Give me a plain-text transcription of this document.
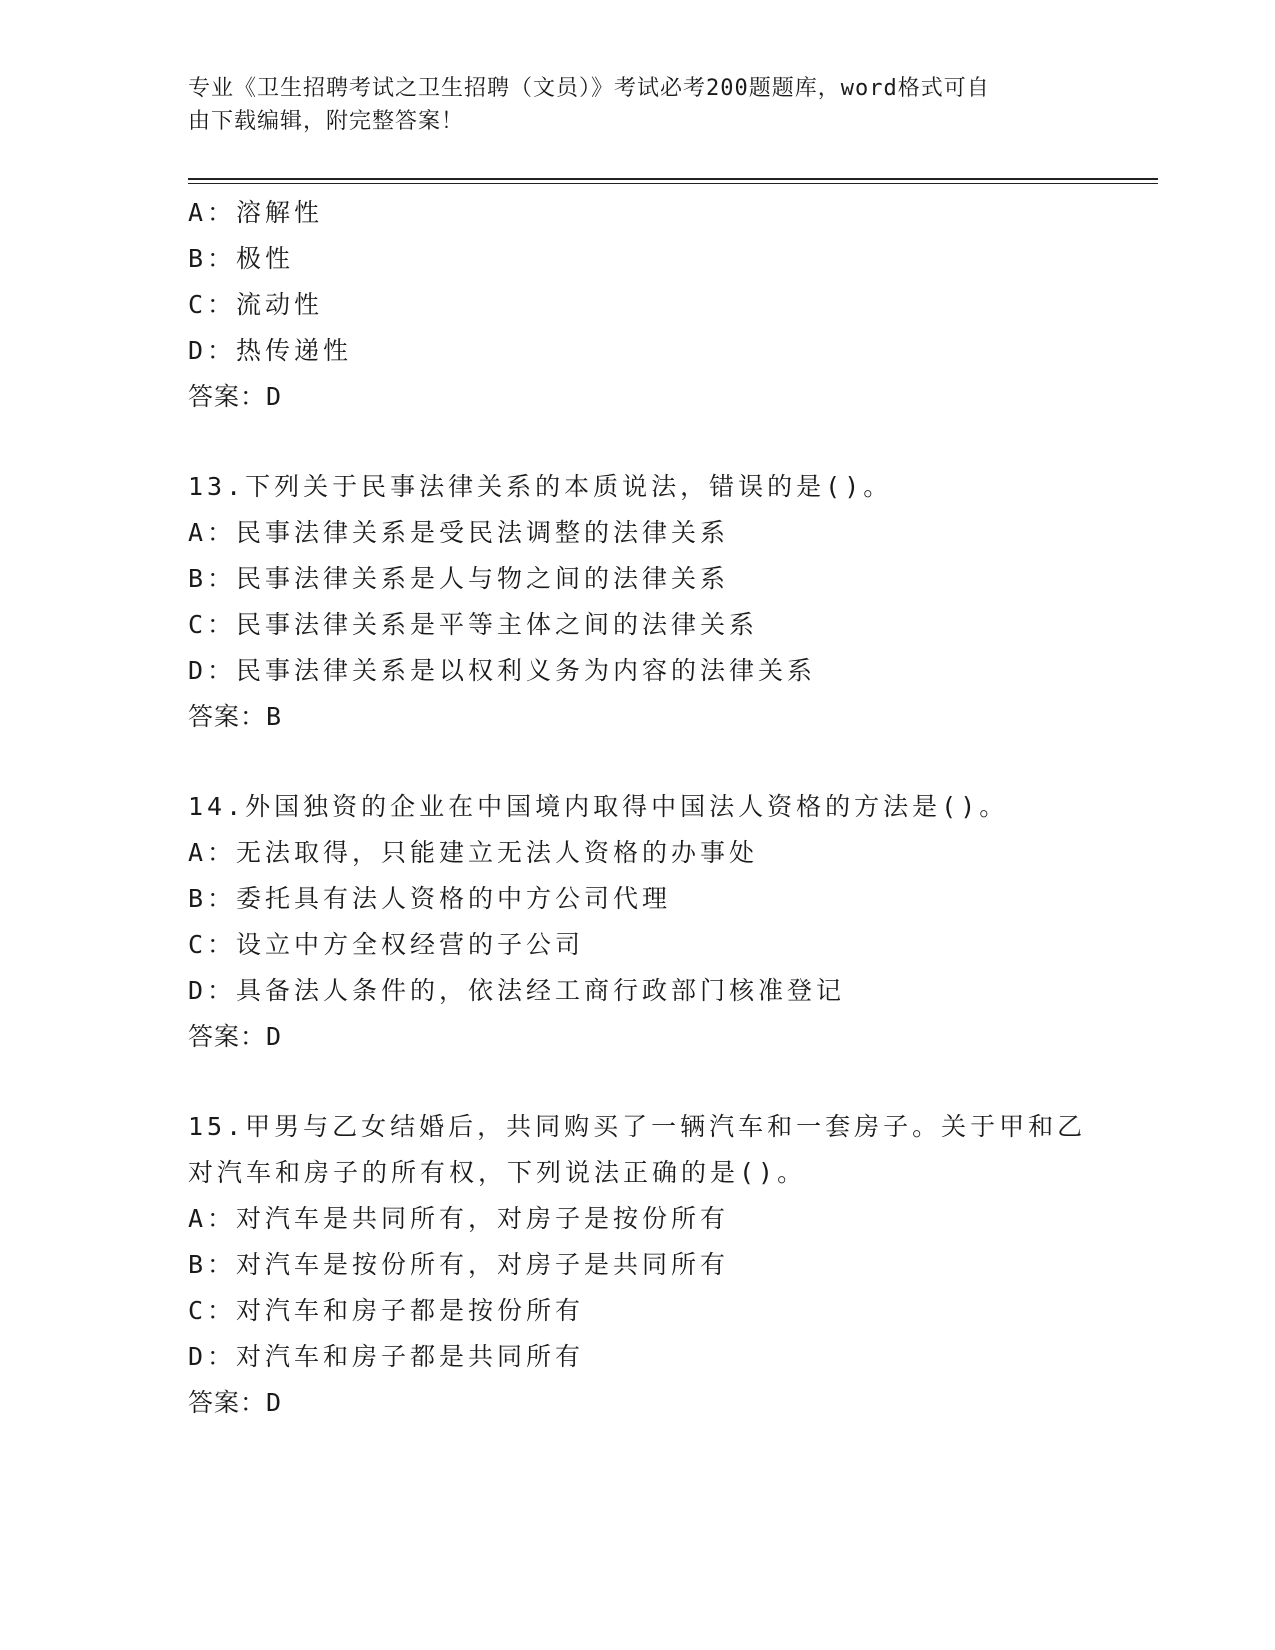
专业《卫生招聘考试之卫生招聘（文员）》考试必考200题题库，word格式可自
由下载编辑，附完整答案！
A：溶解性
B：极性
C：流动性
D：热传递性
答案：D
13.下列关于民事法律关系的本质说法，错误的是()。
A：民事法律关系是受民法调整的法律关系
B：民事法律关系是人与物之间的法律关系
C：民事法律关系是平等主体之间的法律关系
D：民事法律关系是以权利义务为内容的法律关系
答案：B
14.外国独资的企业在中国境内取得中国法人资格的方法是()。
A：无法取得，只能建立无法人资格的办事处
B：委托具有法人资格的中方公司代理
C：设立中方全权经营的子公司
D：具备法人条件的，依法经工商行政部门核准登记
答案：D
15.甲男与乙女结婚后，共同购买了一辆汽车和一套房子。关于甲和乙
对汽车和房子的所有权，下列说法正确的是()。
A：对汽车是共同所有，对房子是按份所有
B：对汽车是按份所有，对房子是共同所有
C：对汽车和房子都是按份所有
D：对汽车和房子都是共同所有
答案：D
